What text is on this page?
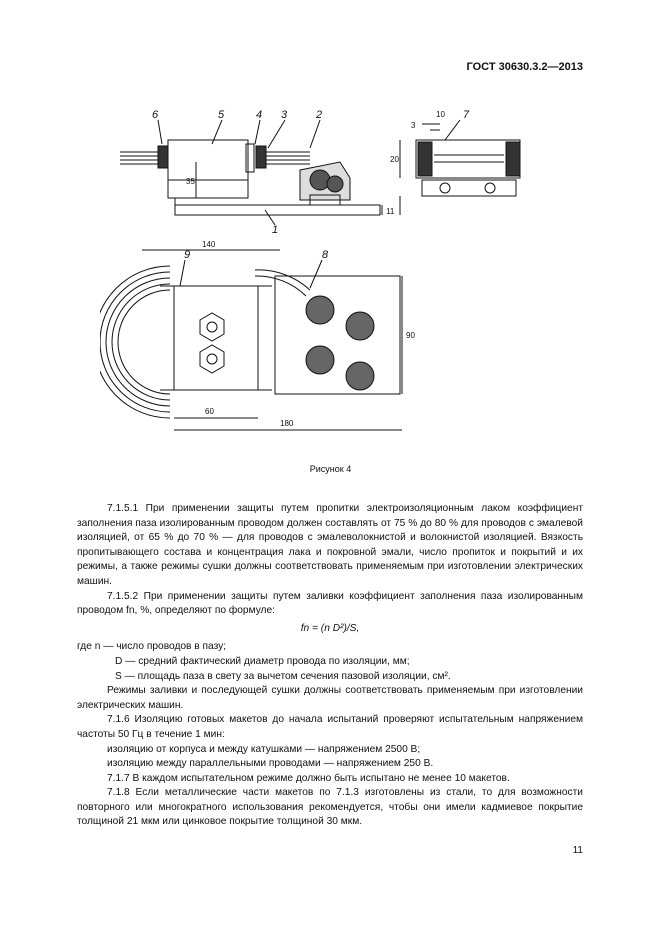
ГОСТ 30630.3.2—2013
6	5	4 3	2
1
7
9	8
10
3
20
11
35
140
90
60
180
Рисунок 4

7.1.5.1 При применении защиты путем пропитки электроизоляционным лаком коэффициент заполнения паза изолированным проводом должен составлять от 75 % до 80 % для проводов с эмалевой изоляцией, от 65 % до 70 % — для проводов с эмалеволокнистой и волокнистой изоляцией. Вязкость пропитывающего состава и концентрация лака и покровной эмали, число пропиток и покрытий и их режимы, а также режимы сушки должны соответствовать применяемым при изготовлении электрических машин.

7.1.5.2 При применении защиты путем заливки коэффициент заполнения паза изолированным проводом fn, %, определяют по формуле:

fn = (n D²)/S,

где n — число проводов в пазу;

D — средний фактический диаметр провода по изоляции, мм;

S — площадь паза в свету за вычетом сечения пазовой изоляции, см².

Режимы заливки и последующей сушки должны соответствовать применяемым при изготовлении электрических машин.

7.1.6 Изоляцию готовых макетов до начала испытаний проверяют испытательным напряжением частоты 50 Гц в течение 1 мин:

изоляцию от корпуса и между катушками — напряжением 2500 В;

изоляцию между параллельными проводами — напряжением 250 В.

7.1.7 В каждом испытательном режиме должно быть испытано не менее 10 макетов.

7.1.8 Если металлические части макетов по 7.1.3 изготовлены из стали, то для возможности повторного или многократного использования рекомендуется, чтобы они имели кадмиевое покрытие толщиной 21 мкм или цинковое покрытие толщиной 30 мкм.

11
